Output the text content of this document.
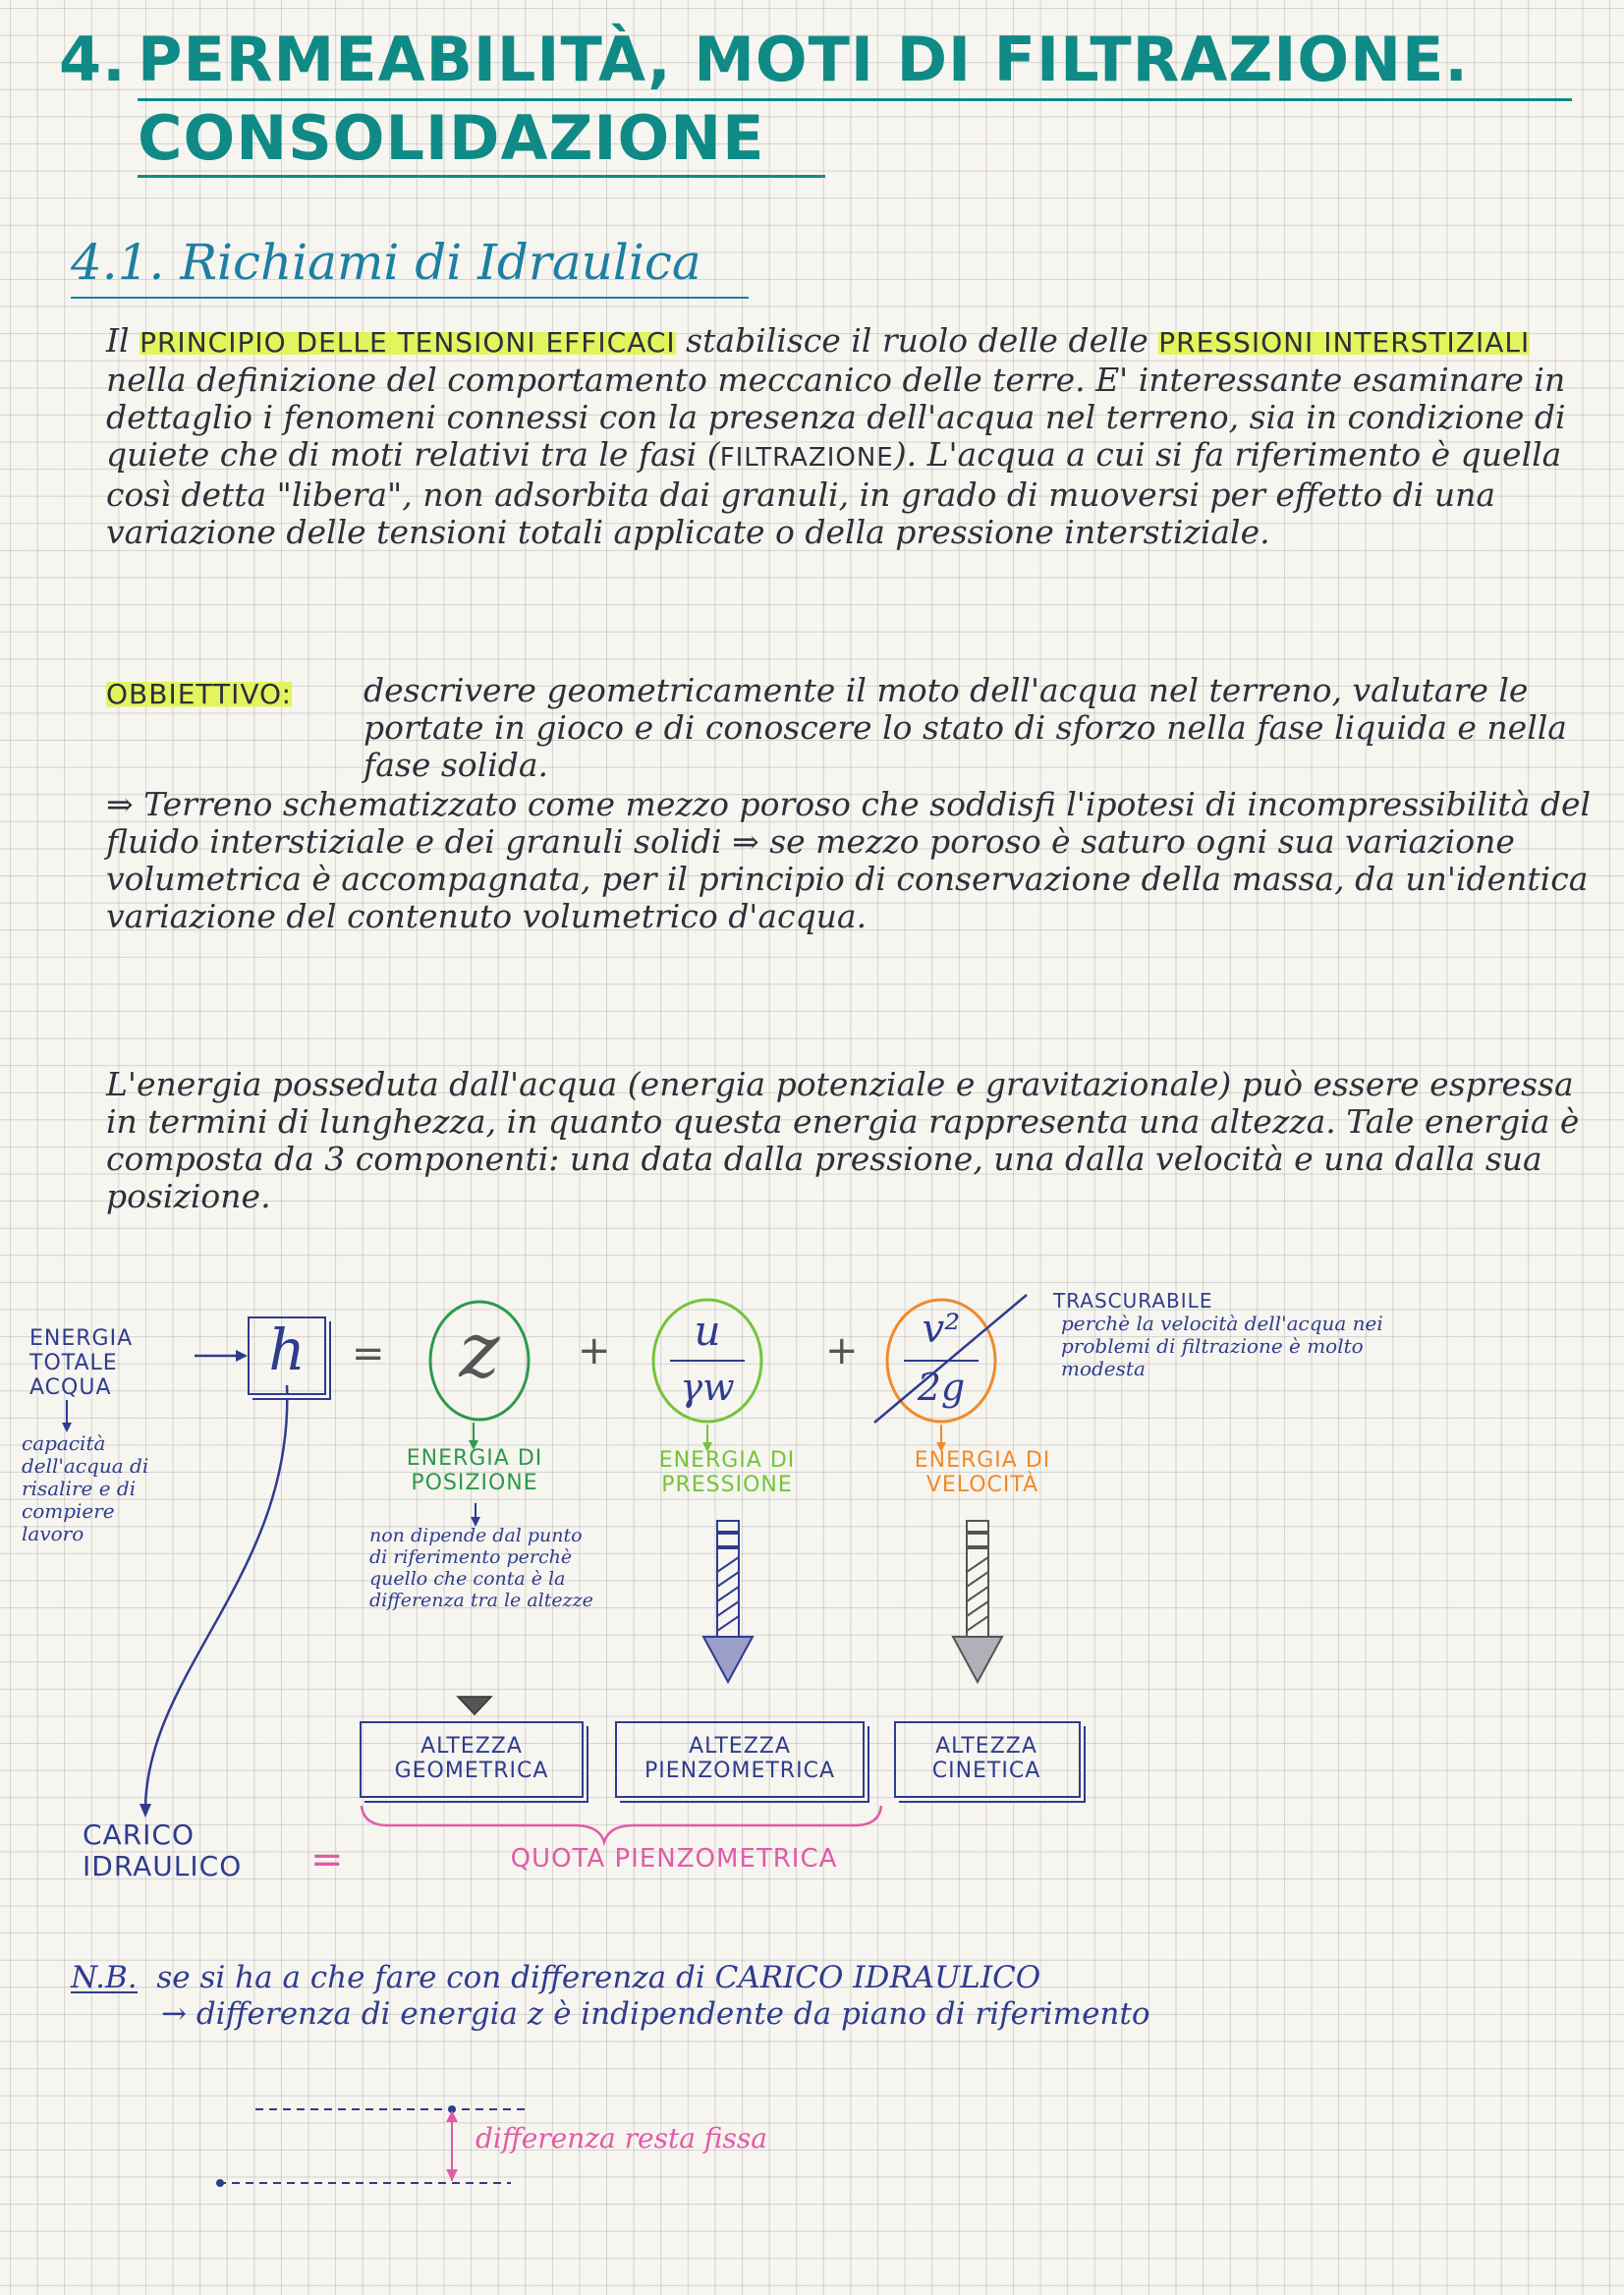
4. PERMEABILITÀ, MOTI DI FILTRAZIONE.
CONSOLIDAZIONE
4.1. Richiami di Idraulica
Il PRINCIPIO DELLE TENSIONI EFFICACI stabilisce il ruolo delle delle PRESSIONI INTERSTIZIALI nella definizione del comportamento meccanico delle terre. E' interessante esaminare in dettaglio i fenomeni connessi con la presenza dell'acqua nel terreno, sia in condizione di quiete che di moti relativi tra le fasi (FILTRAZIONE). L'acqua a cui si fa riferimento è quella così detta "libera", non adsorbita dai granuli, in grado di muoversi per effetto di una variazione delle tensioni totali applicate o della pressione interstiziale.
OBBIETTIVO: descrivere geometricamente il moto dell'acqua nel terreno, valutare le portate in gioco e di conoscere lo stato di sforzo nella fase liquida e nella fase solida.
⇒ Terreno schematizzato come mezzo poroso che soddisfi l'ipotesi di incompressibilità del fluido interstiziale e dei granuli solidi ⇒ se mezzo poroso è saturo ogni sua variazione volumetrica è accompagnata, per il principio di conservazione della massa, da un'identica variazione del contenuto volumetrico d'acqua.
L'energia posseduta dall'acqua (energia potenziale e gravitazionale) può essere espressa in termini di lunghezza, in quanto questa energia rappresenta una altezza. Tale energia è composta da 3 componenti: una data dalla pressione, una dalla velocità e una dalla sua posizione.
ENERGIA TOTALE ACQUA
capacità dell'acqua di risalire e di compiere lavoro
h = z	+	u
γw
+	v²
2g
TRASCURABILE
perchè la velocità dell'acqua nei problemi di filtrazione è molto modesta
ENERGIA DI POSIZIONE
ENERGIA DI PRESSIONE
ENERGIA DI VELOCITÀ
non dipende dal punto di riferimento perchè quello che conta è la differenza tra le altezze
ALTEZZA GEOMETRICA
ALTEZZA PIENZOMETRICA
ALTEZZA CINETICA
CARICO IDRAULICO	=	QUOTA PIENZOMETRICA
N.B. se si ha a che fare con differenza di CARICO IDRAULICO
→ differenza di energia z è indipendente da piano di riferimento
differenza resta fissa
